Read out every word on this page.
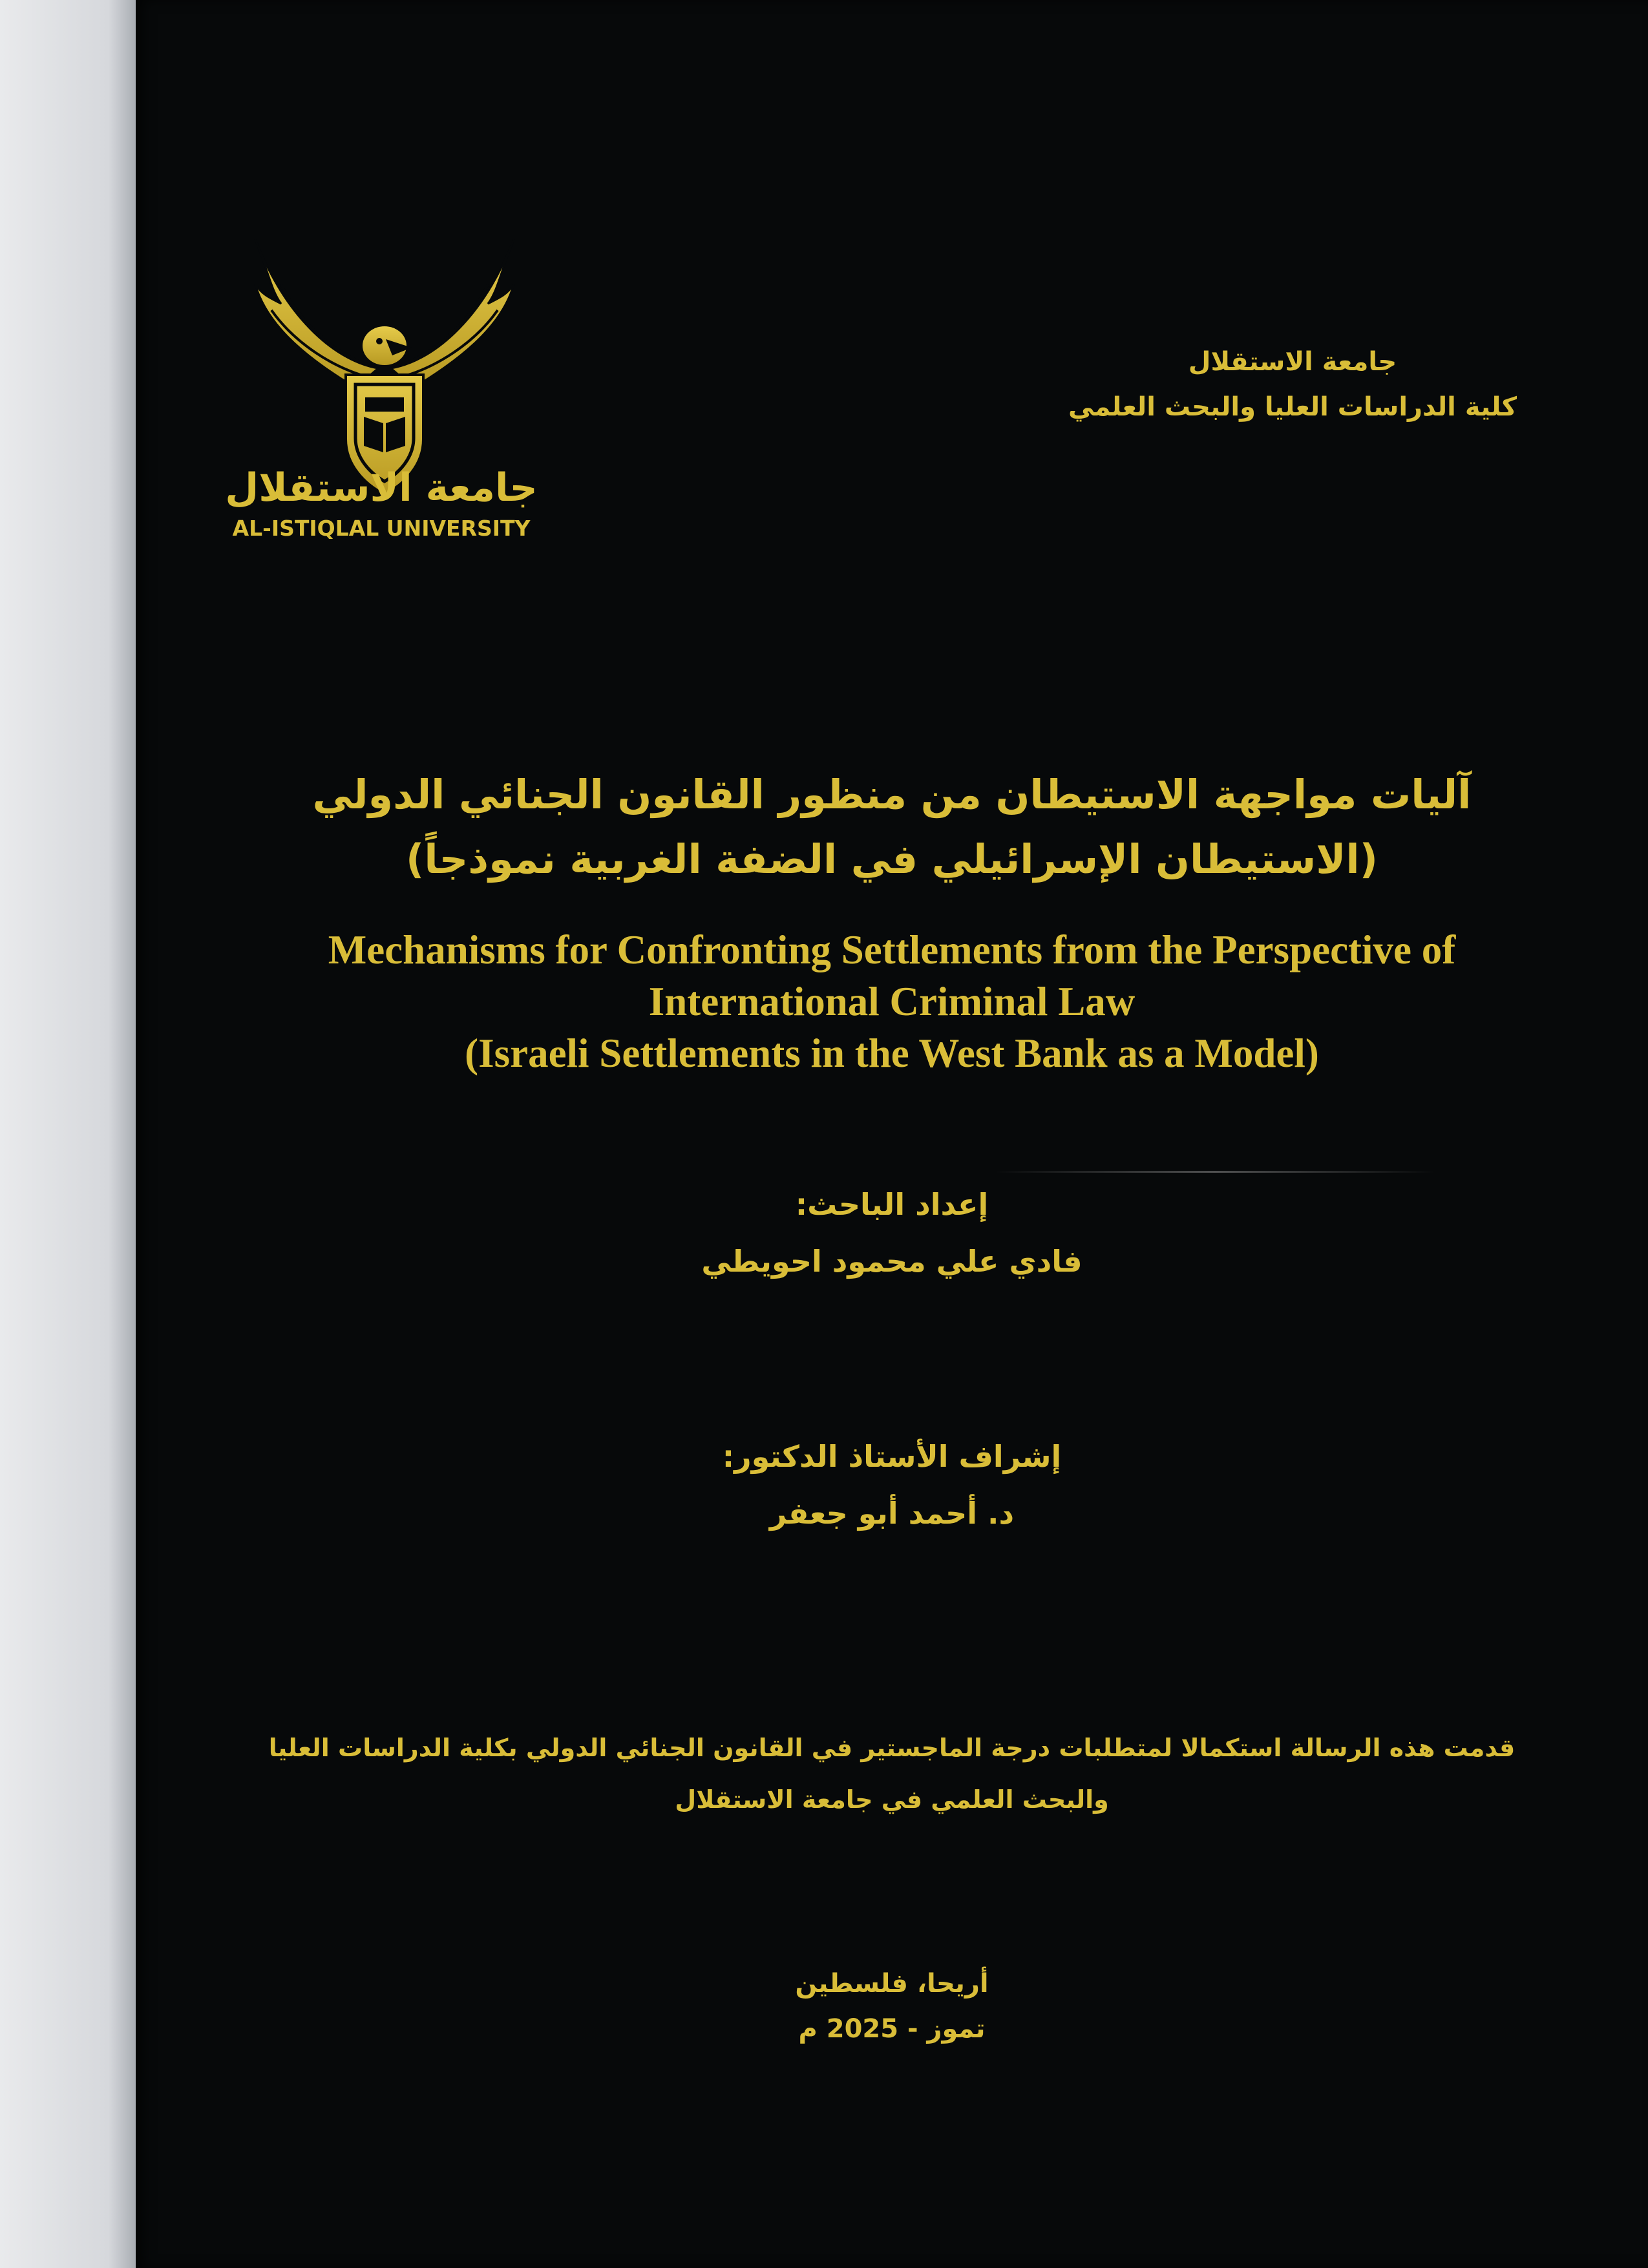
جامعة الاستقلال
AL-ISTIQLAL UNIVERSITY
جامعة الاستقلال
كلية الدراسات العليا والبحث العلمي
آليات مواجهة الاستيطان من منظور القانون الجنائي الدولي
(الاستيطان الإسرائيلي في الضفة الغربية نموذجاً)
Mechanisms for Confronting Settlements from the Perspective of
International Criminal Law
(Israeli Settlements in the West Bank as a Model)
إعداد الباحث:
فادي علي محمود احويطي
إشراف الأستاذ الدكتور:
د. أحمد أبو جعفر
قدمت هذه الرسالة استكمالا لمتطلبات درجة الماجستير في القانون الجنائي الدولي بكلية الدراسات العليا
والبحث العلمي في جامعة الاستقلال
أريحا، فلسطين
تموز - 2025 م
